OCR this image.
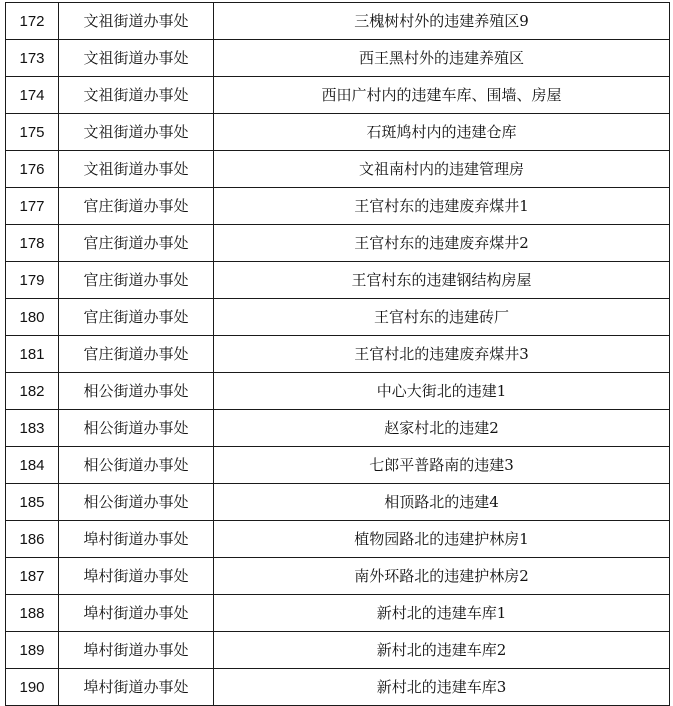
172	文祖街道办事处	三槐树村外的违建养殖区9
173	文祖街道办事处	西王黑村外的违建养殖区
174	文祖街道办事处	西田广村内的违建车库、围墙、房屋
175	文祖街道办事处	石斑鸠村内的违建仓库
176	文祖街道办事处	文祖南村内的违建管理房
177	官庄街道办事处	王官村东的违建废弃煤井1
178	官庄街道办事处	王官村东的违建废弃煤井2
179	官庄街道办事处	王官村东的违建钢结构房屋
180	官庄街道办事处	王官村东的违建砖厂
181	官庄街道办事处	王官村北的违建废弃煤井3
182	相公街道办事处	中心大街北的违建1
183	相公街道办事处	赵家村北的违建2
184	相公街道办事处	七郎平普路南的违建3
185	相公街道办事处	相顶路北的违建4
186	埠村街道办事处	植物园路北的违建护林房1
187	埠村街道办事处	南外环路北的违建护林房2
188	埠村街道办事处	新村北的违建车库1
189	埠村街道办事处	新村北的违建车库2
190	埠村街道办事处	新村北的违建车库3
